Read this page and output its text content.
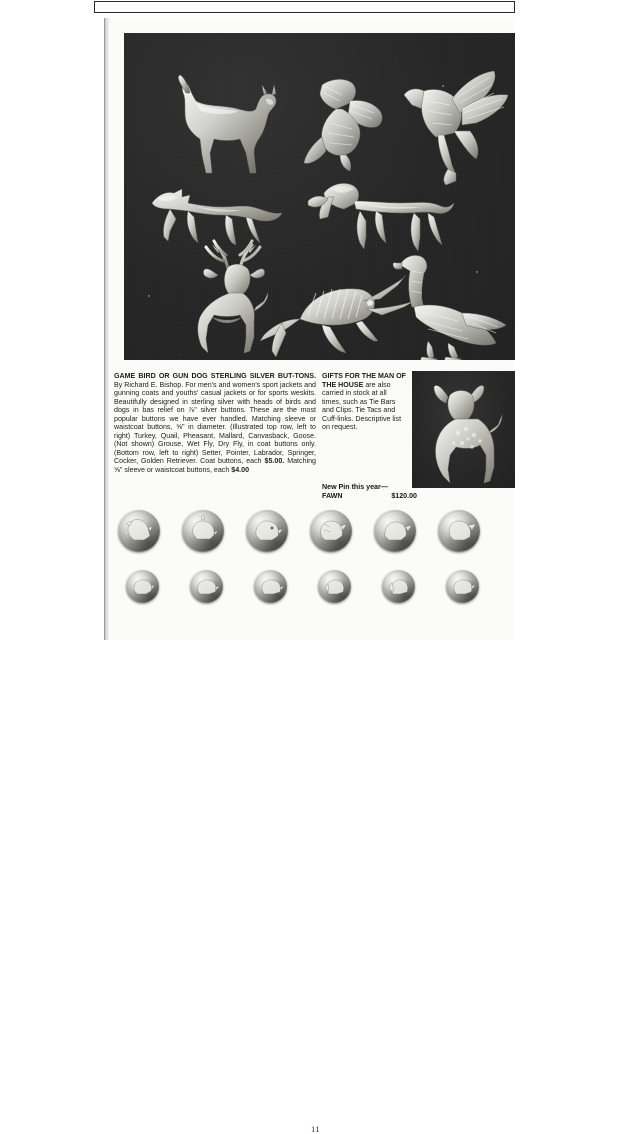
GAME BIRD OR GUN DOG STERLING SILVER BUT-TONS. By Richard E. Bishop. For men's and women's sport jackets and gunning coats and youths' casual jackets or for sports weskits. Beautifully designed in sterling silver with heads of birds and dogs in bas relief on ⅞" silver buttons. These are the most popular buttons we have ever handled. Matching sleeve or waistcoat buttons, ⅝" in diameter. (Illustrated top row, left to right) Turkey, Quail, Pheasant, Mallard, Canvasback, Goose. (Not shown) Grouse, Wet Fly, Dry Fly, in coat buttons only. (Bottom row, left to right) Setter, Pointer, Labrador, Springer, Cocker, Golden Retriever. Coat buttons, each $5.00. Matching ⅝" sleeve or waistcoat buttons, each $4.00
GIFTS FOR THE MAN OF THE HOUSE are also carried in stock at all times, such as Tie Bars and Clips. Tie Tacs and Cuff-links. Descriptive list on request.
New Pin this year—
FAWN	$120.00
11
